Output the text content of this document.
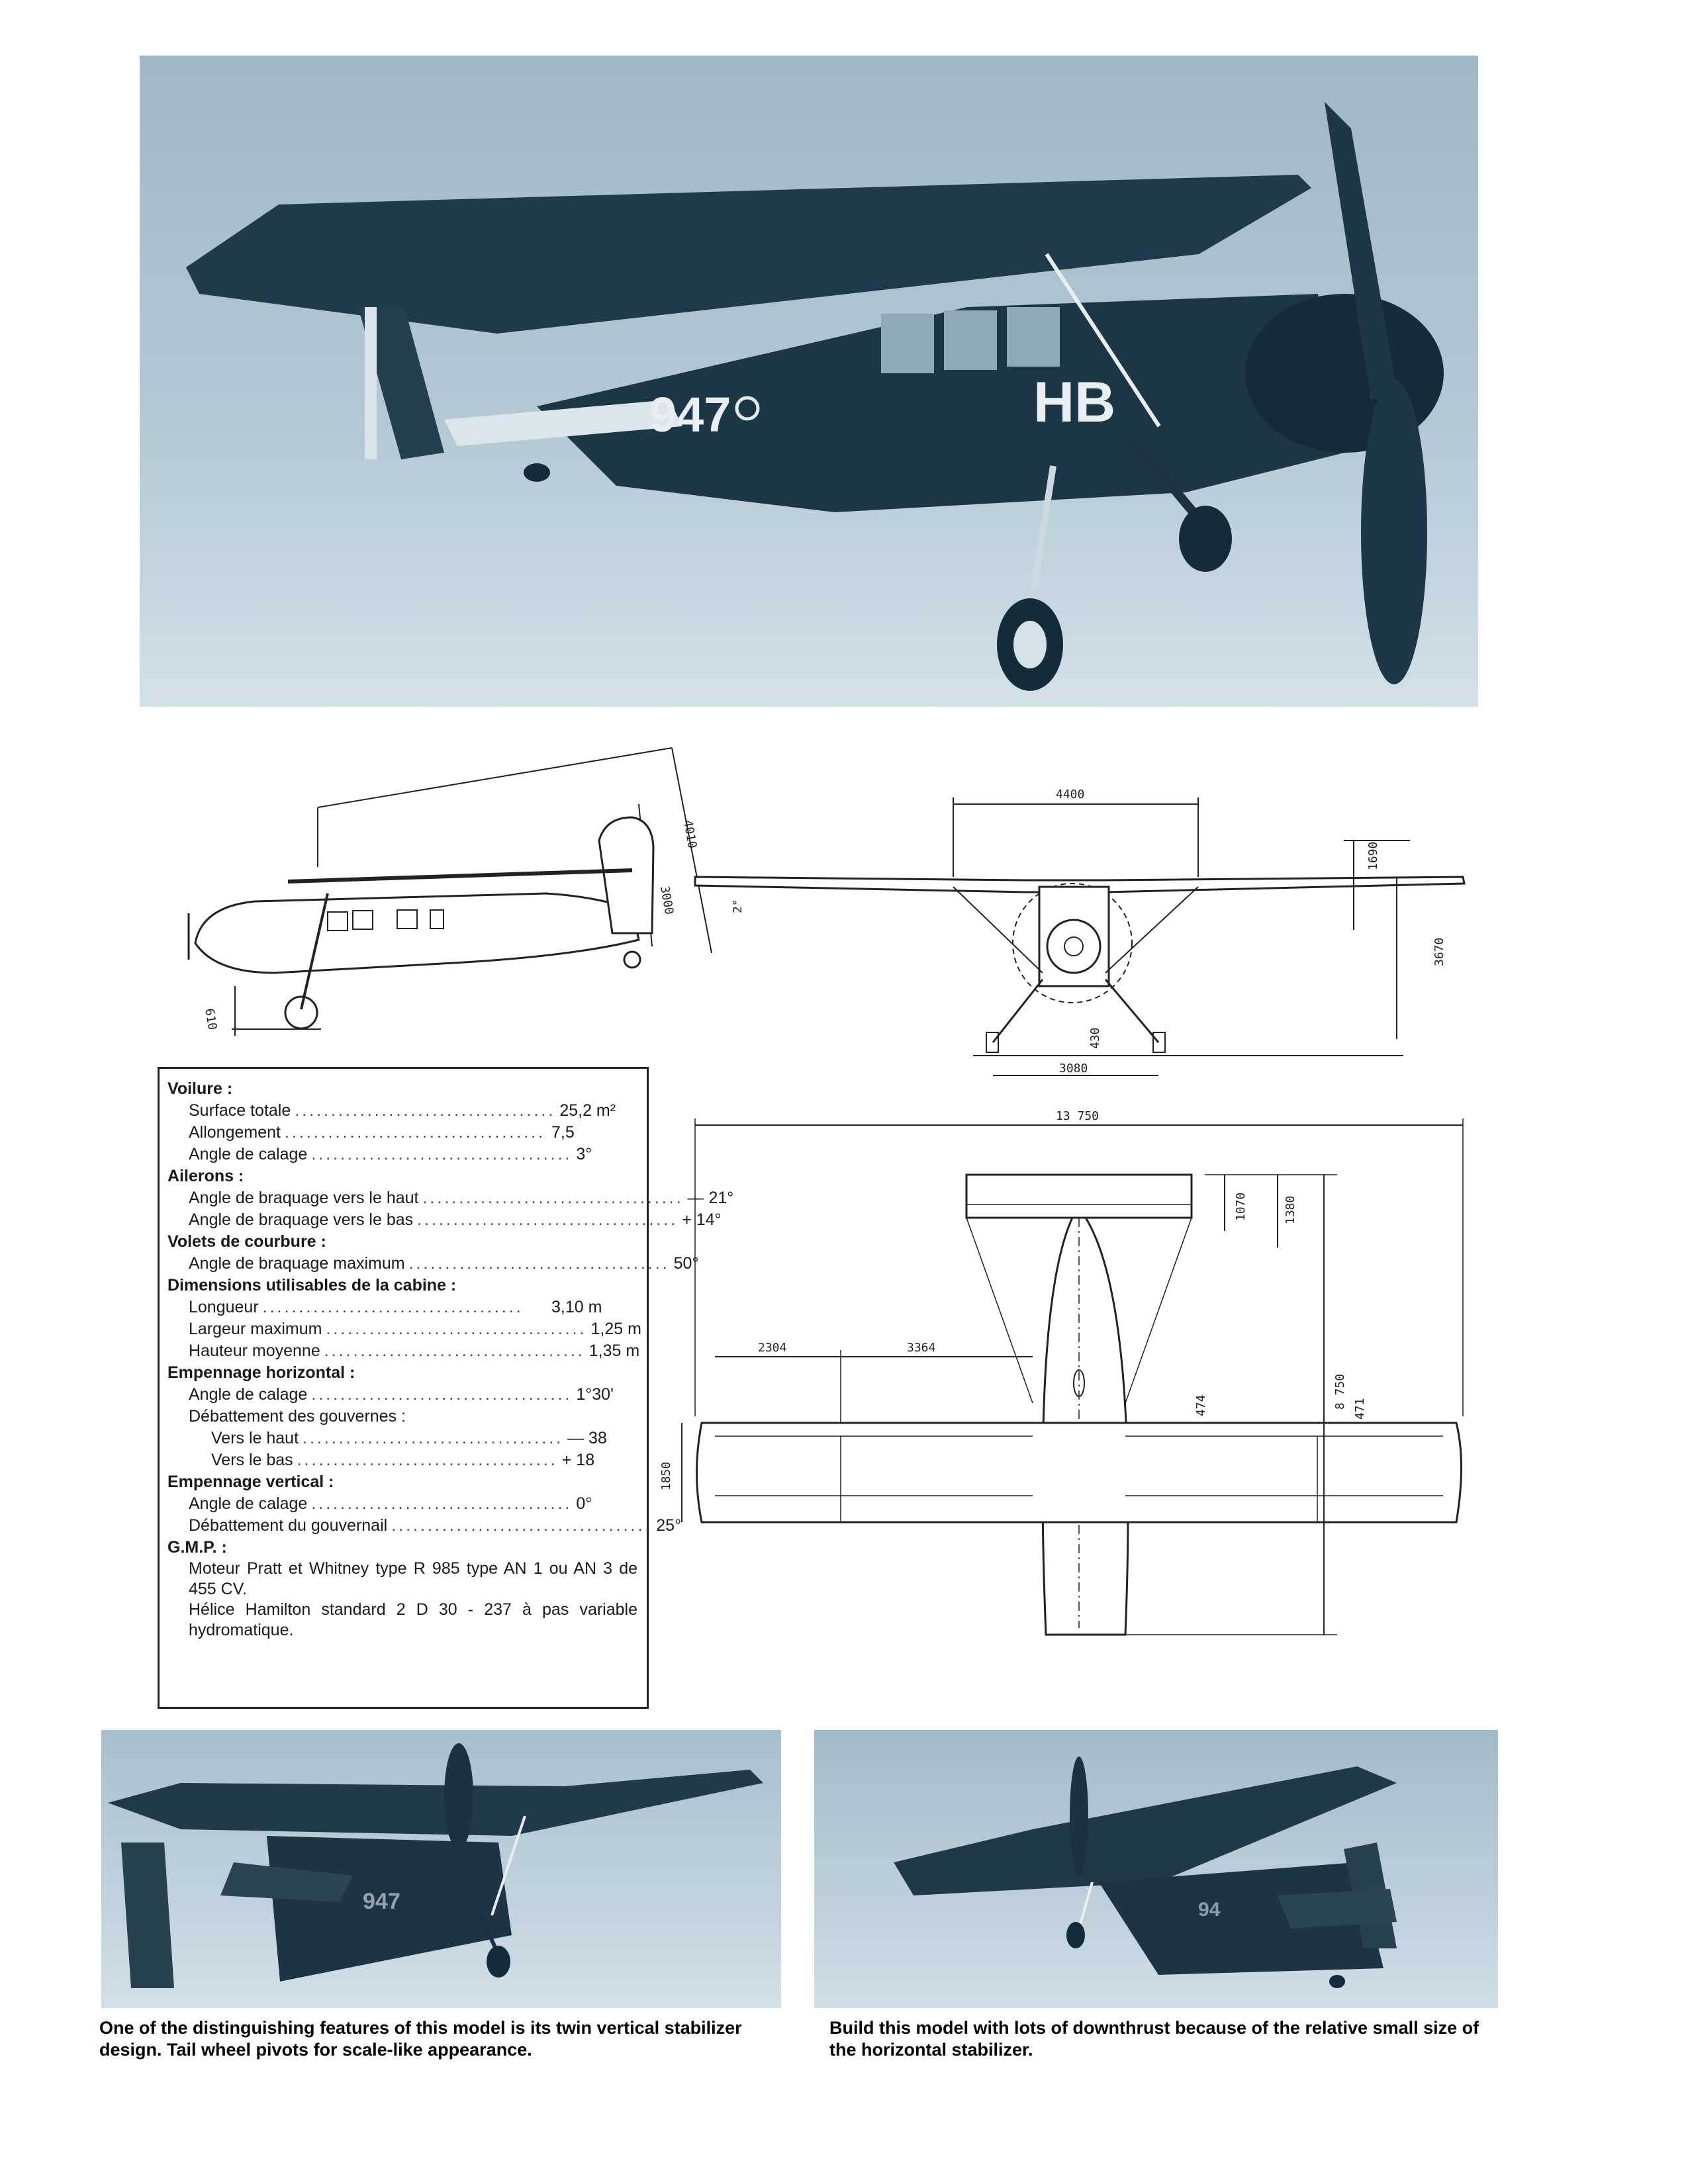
947	HB
3000
4010
610
4400
3080
430
2°
1690
3670
13 750
2304	3364
474	471
1850
1070	1380
8 750
Voilure :
Surface totale .................................... 25,2 m²
Allongement .................................... 7,5
Angle de calage .................................... 3°
Ailerons :
Angle de braquage vers le haut .................................... — 21°
Angle de braquage vers le bas .................................... + 14°
Volets de courbure :
Angle de braquage maximum .................................... 50°
Dimensions utilisables de la cabine :
Longueur ....................................	3,10 m
Largeur maximum .................................... 1,25 m
Hauteur moyenne .................................... 1,35 m
Empennage horizontal :
Angle de calage .................................... 1°30'
Débattement des gouvernes :
Vers le haut .................................... — 38
Vers le bas .................................... + 18
Empennage vertical :
Angle de calage .................................... 0°
Débattement du gouvernail .................................... 25°
G.M.P. :
Moteur Pratt et Whitney type R 985 type AN 1 ou AN 3 de 455 CV.
Hélice Hamilton standard 2 D 30 - 237 à pas variable hydromatique.
947	94
One of the distinguishing features of this model is its twin vertical stabilizer design. Tail wheel pivots for scale-like appearance.
Build this model with lots of downthrust because of the relative small size of the horizontal stabilizer.
